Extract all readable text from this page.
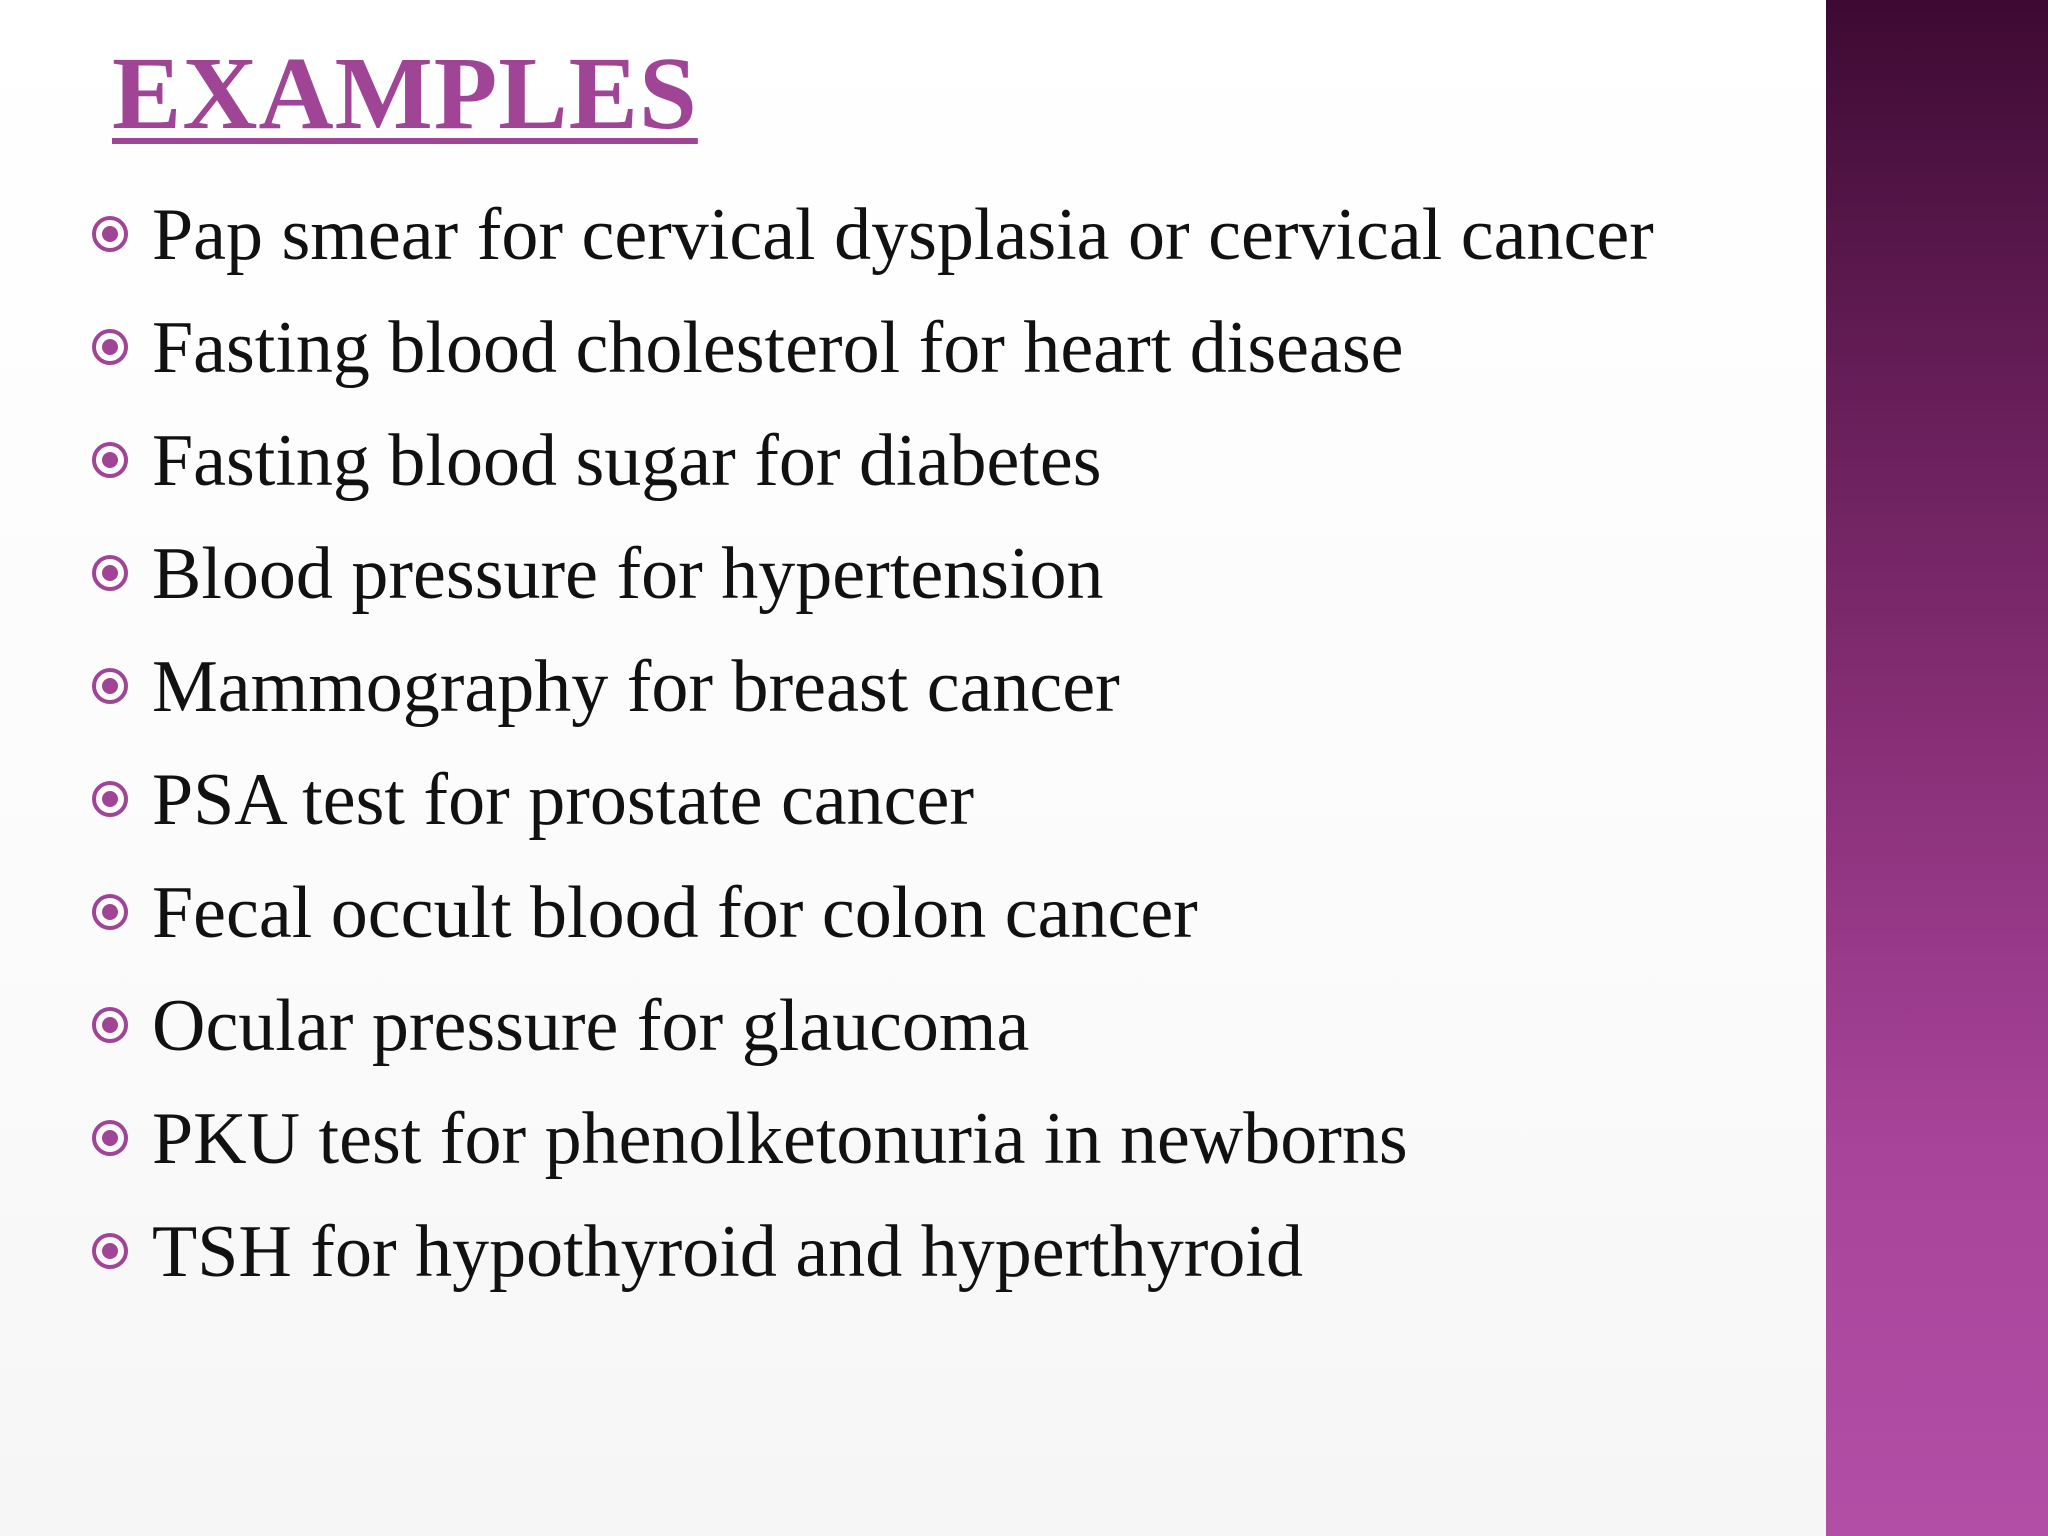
EXAMPLES
Pap smear for cervical dysplasia or cervical cancer
Fasting blood cholesterol for heart disease
Fasting blood sugar for diabetes
Blood pressure for hypertension
Mammography for breast cancer
PSA test for prostate cancer
Fecal occult blood for colon cancer
Ocular pressure for glaucoma
PKU test for phenolketonuria in newborns
TSH for hypothyroid and hyperthyroid
